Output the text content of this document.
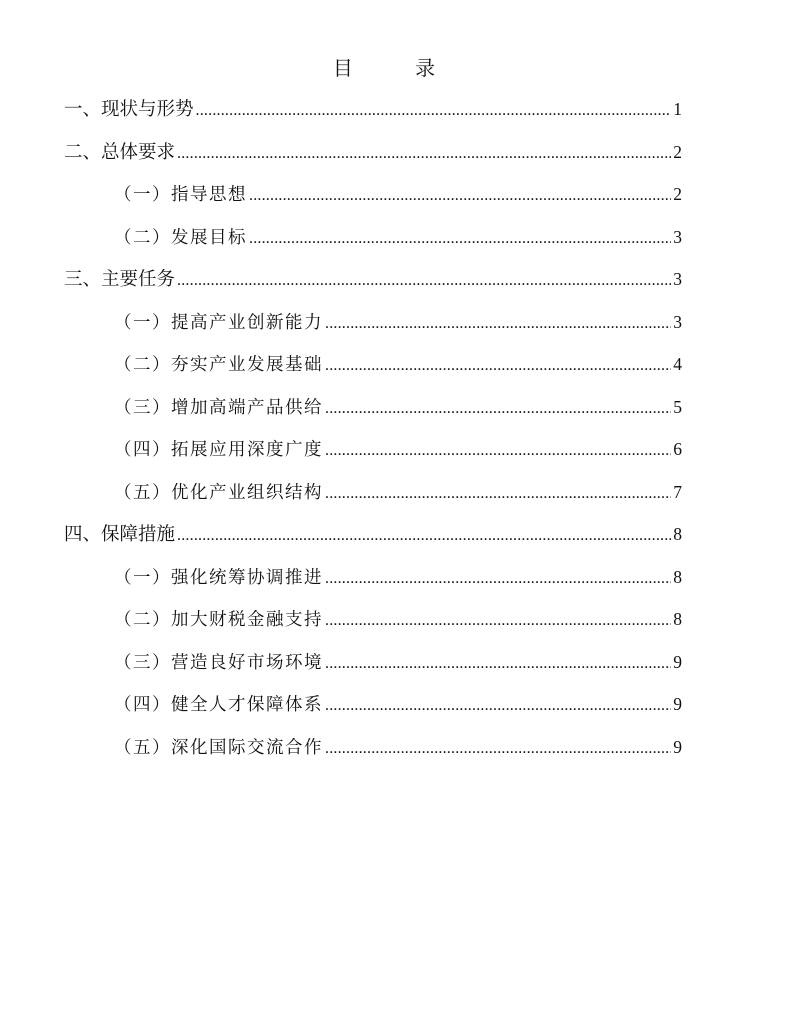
目 录
一、现状与形势 .....	1
二、总体要求 .....	2
（一）指导思想 .....	2
（二）发展目标 .....	3
三、主要任务 .....	3
（一）提高产业创新能力 .....	3
（二）夯实产业发展基础 .....	4
（三）增加高端产品供给 .....	5
（四）拓展应用深度广度 .....	6
（五）优化产业组织结构 .....	7
四、保障措施 .....	8
（一）强化统筹协调推进 .....	8
（二）加大财税金融支持 .....	8
（三）营造良好市场环境 .....	9
（四）健全人才保障体系 .....	9
（五）深化国际交流合作 .....	9
